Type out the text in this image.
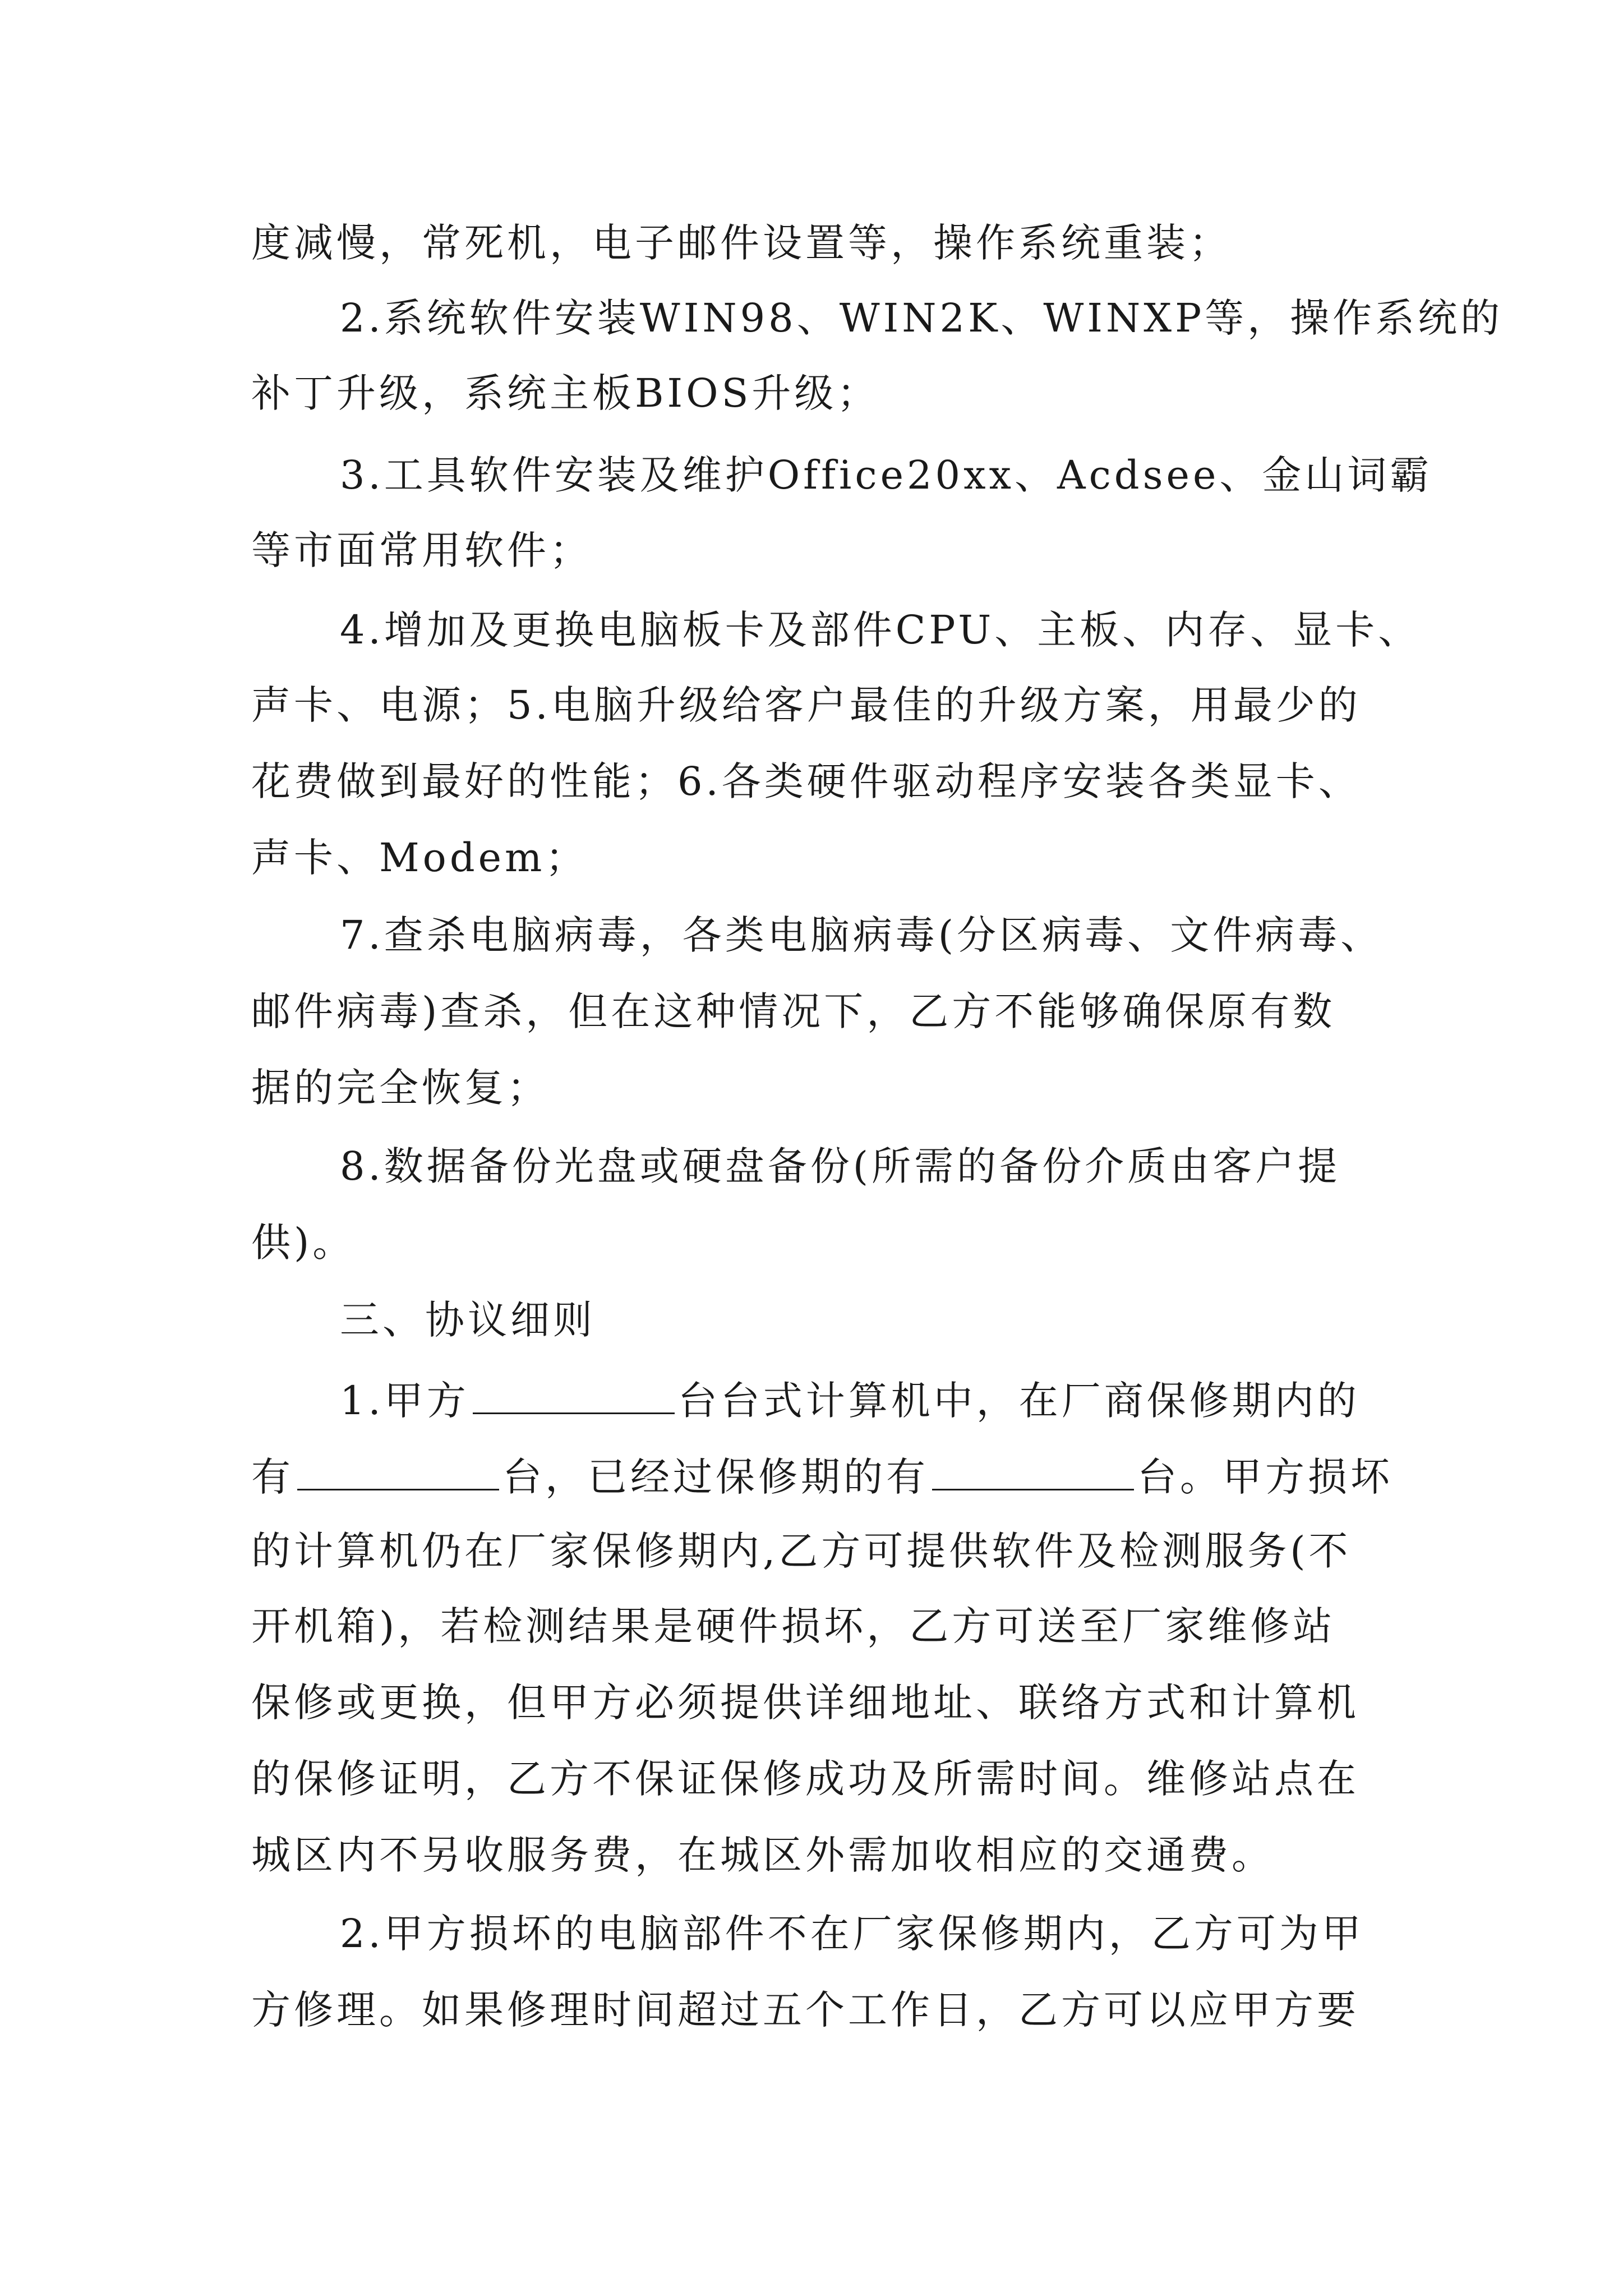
度减慢，常死机，电子邮件设置等，操作系统重装；
2.系统软件安装WIN98、WIN2K、WINXP等，操作系统的
补丁升级，系统主板BIOS升级；
3.工具软件安装及维护Office20xx、Acdsee、金山词霸
等市面常用软件；
4.增加及更换电脑板卡及部件CPU、主板、内存、显卡、
声卡、电源；5.电脑升级给客户最佳的升级方案，用最少的
花费做到最好的性能；6.各类硬件驱动程序安装各类显卡、
声卡、Modem；
7.查杀电脑病毒，各类电脑病毒(分区病毒、文件病毒、
邮件病毒)查杀，但在这种情况下，乙方不能够确保原有数
据的完全恢复；
8.数据备份光盘或硬盘备份(所需的备份介质由客户提
供)。
三、协议细则
1.甲方	台台式计算机中，在厂商保修期内的
有	台，已经过保修期的有	台。甲方损坏
的计算机仍在厂家保修期内,乙方可提供软件及检测服务(不
开机箱)，若检测结果是硬件损坏，乙方可送至厂家维修站
保修或更换，但甲方必须提供详细地址、联络方式和计算机
的保修证明，乙方不保证保修成功及所需时间。维修站点在
城区内不另收服务费，在城区外需加收相应的交通费。
2.甲方损坏的电脑部件不在厂家保修期内，乙方可为甲
方修理。如果修理时间超过五个工作日，乙方可以应甲方要
